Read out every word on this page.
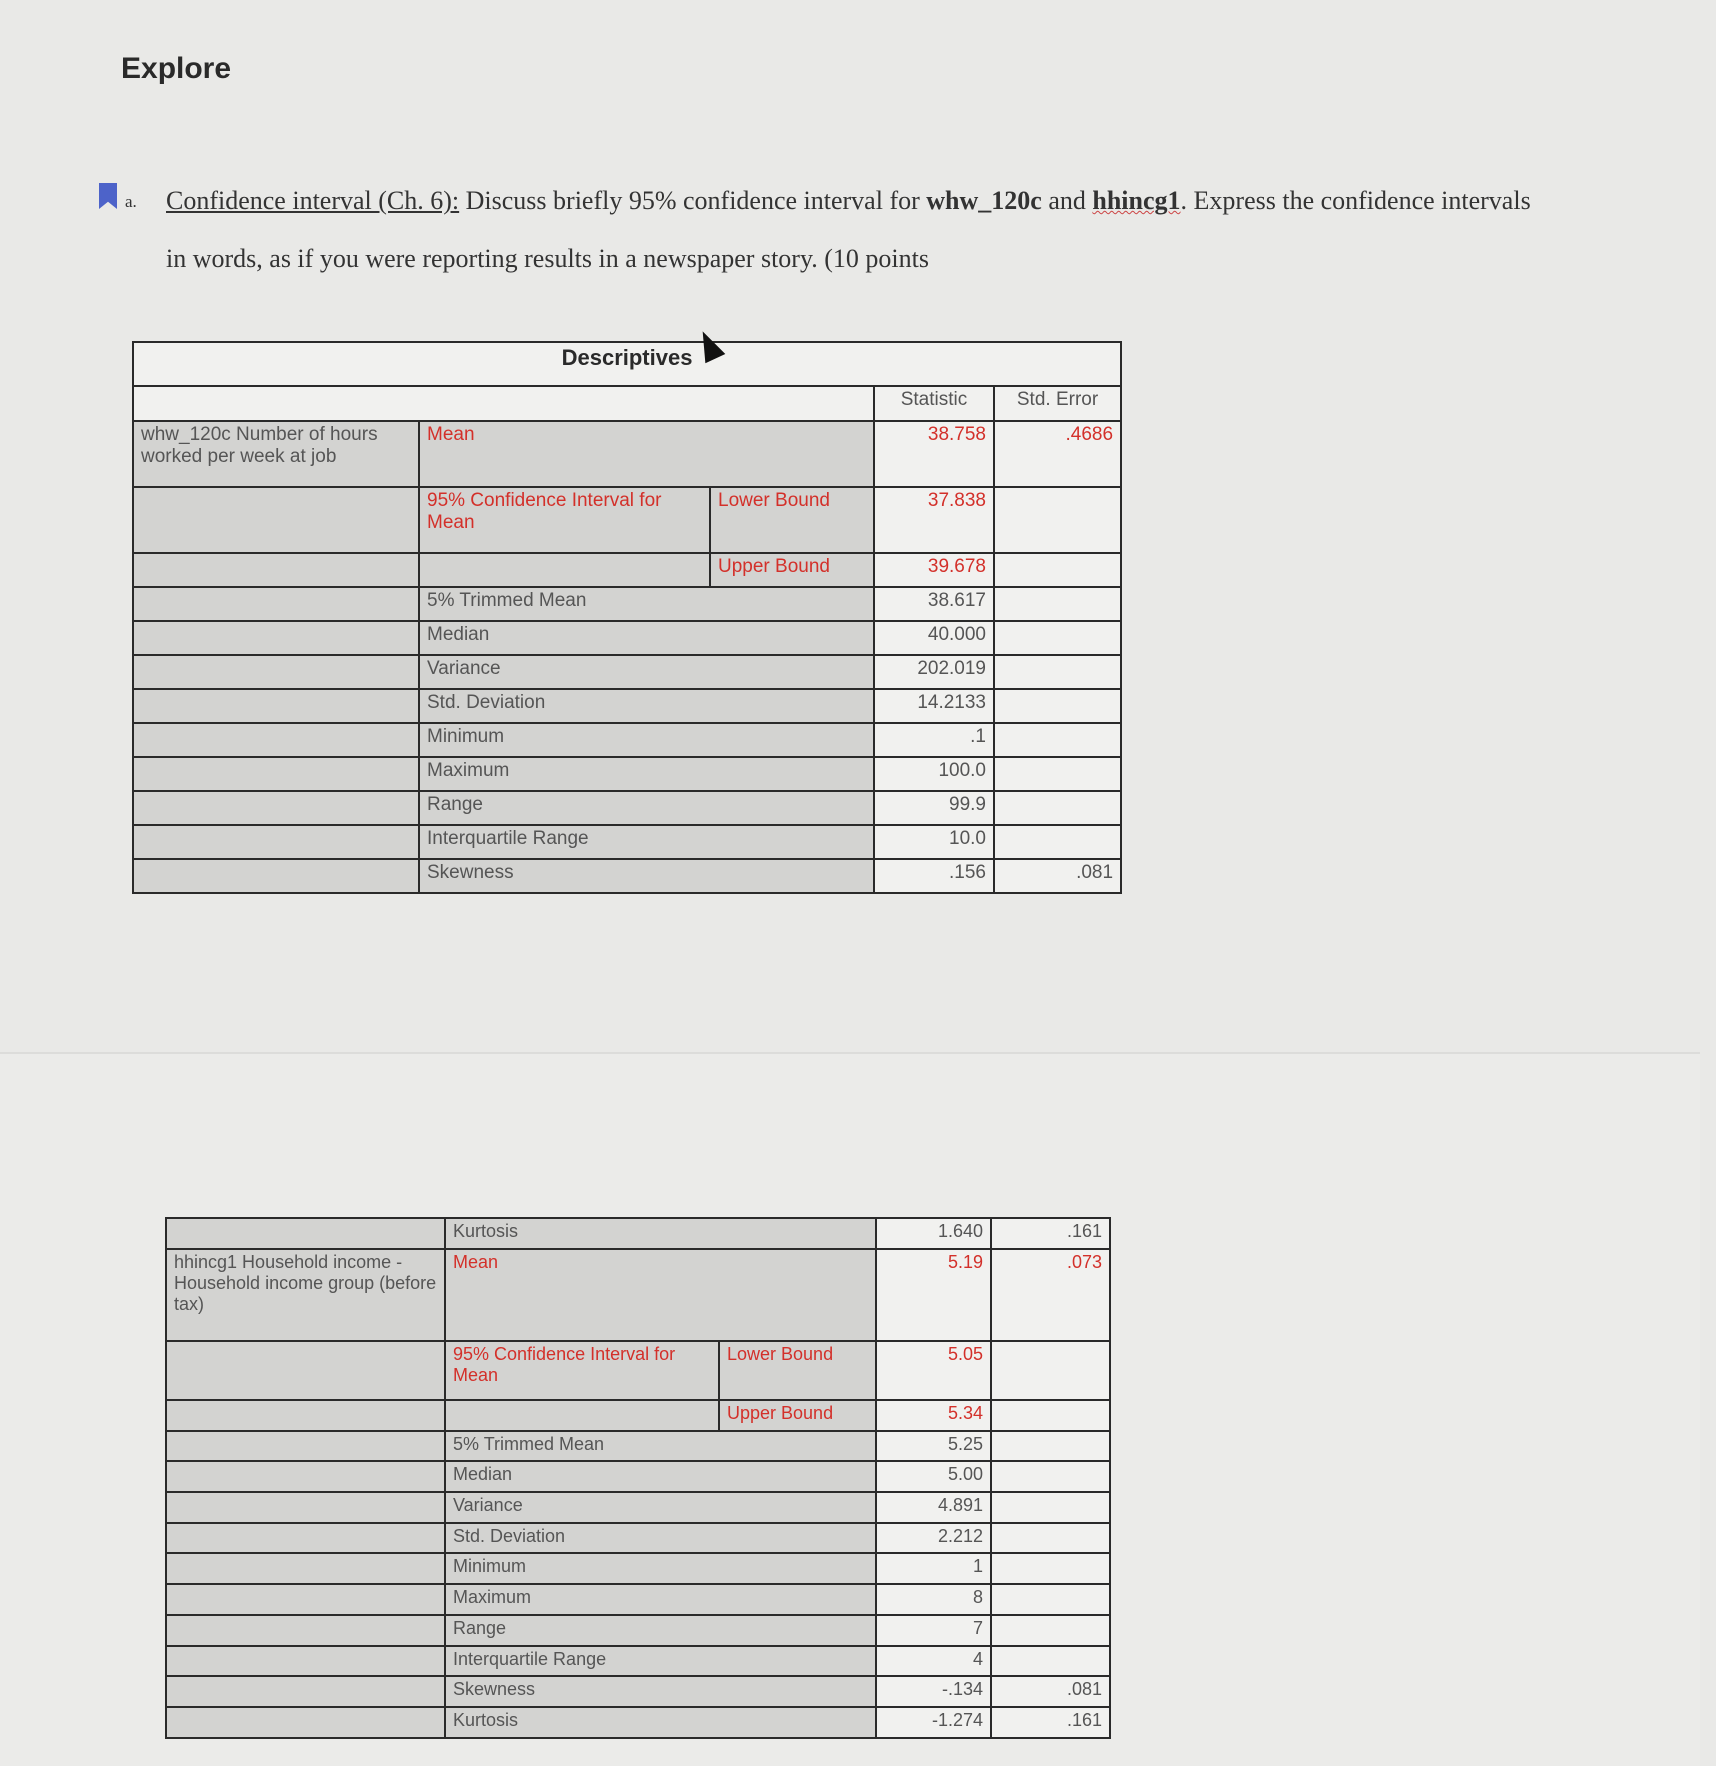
Explore
a. Confidence interval (Ch. 6): Discuss briefly 95% confidence interval for whw_120c and hhincg1. Express the confidence intervals in words, as if you were reporting results in a newspaper story. (10 points
Descriptives				
			Statistic	Std. Error
whw_120c Number of hours worked per week at job	Mean		38.758	.4686
	95% Confidence Interval for Mean	Lower Bound	37.838	
		Upper Bound	39.678	
	5% Trimmed Mean		38.617	
	Median		40.000	
	Variance		202.019	
	Std. Deviation		14.2133	
	Minimum		.1	
	Maximum		100.0	
	Range		99.9	
	Interquartile Range		10.0	
	Skewness		.156	.081
	Kurtosis		1.640	.161
hhincg1 Household income - Household income group (before tax)	Mean		5.19	.073
	95% Confidence Interval for Mean	Lower Bound	5.05	
		Upper Bound	5.34	
	5% Trimmed Mean		5.25	
	Median		5.00	
	Variance		4.891	
	Std. Deviation		2.212	
	Minimum		1	
	Maximum		8	
	Range		7	
	Interquartile Range		4	
	Skewness		-.134	.081
	Kurtosis		-1.274	.161
